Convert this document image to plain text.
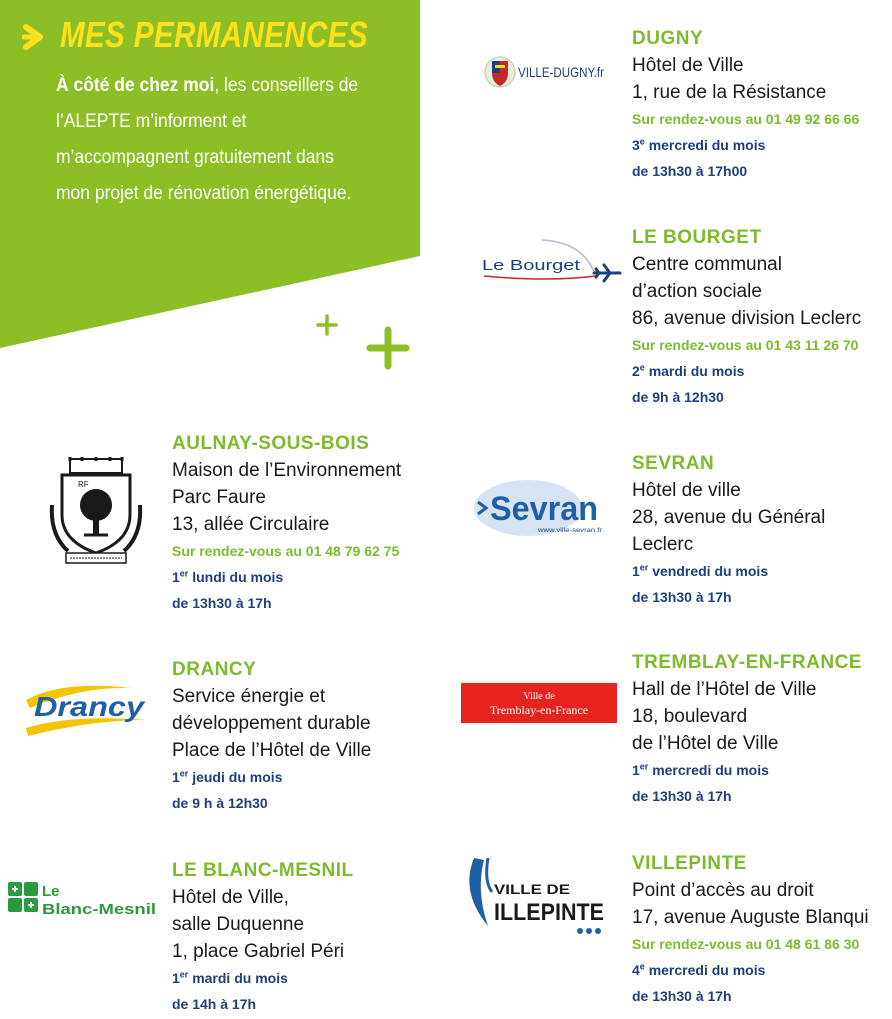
MES PERMANENCES
À côté de chez moi, les conseillers de l’ALEPTE m’informent et m’accompagnent gratuitement dans mon projet de rénovation énergétique.
VILLE-DUGNY.fr
Le Bourget
RF
Sevran
www.ville-sevran.fr
Drancy	Ville de
Tremblay-en-France
Le
Blanc-Mesnil
VILLE DE
ILLEPINTE
DUGNY
Hôtel de Ville
1, rue de la Résistance
Sur rendez-vous au 01 49 92 66 66
3e mercredi du mois
de 13h30 à 17h00
LE BOURGET
Centre communal
d’action sociale
86, avenue division Leclerc
Sur rendez-vous au 01 43 11 26 70
2e mardi du mois
de 9h à 12h30
AULNAY-SOUS-BOIS
Maison de l’Environnement
Parc Faure
13, allée Circulaire
Sur rendez-vous au 01 48 79 62 75
1er lundi du mois
de 13h30 à 17h
SEVRAN
Hôtel de ville
28, avenue du Général
Leclerc
1er vendredi du mois
de 13h30 à 17h
DRANCY
Service énergie et
développement durable
Place de l’Hôtel de Ville
1er jeudi du mois
de 9 h à 12h30
TREMBLAY-EN-FRANCE
Hall de l’Hôtel de Ville
18, boulevard
de l’Hôtel de Ville
1er mercredi du mois
de 13h30 à 17h
LE BLANC-MESNIL
Hôtel de Ville,
salle Duquenne
1, place Gabriel Péri
1er mardi du mois
de 14h à 17h
VILLEPINTE
Point d’accès au droit
17, avenue Auguste Blanqui
Sur rendez-vous au 01 48 61 86 30
4e mercredi du mois
de 13h30 à 17h
